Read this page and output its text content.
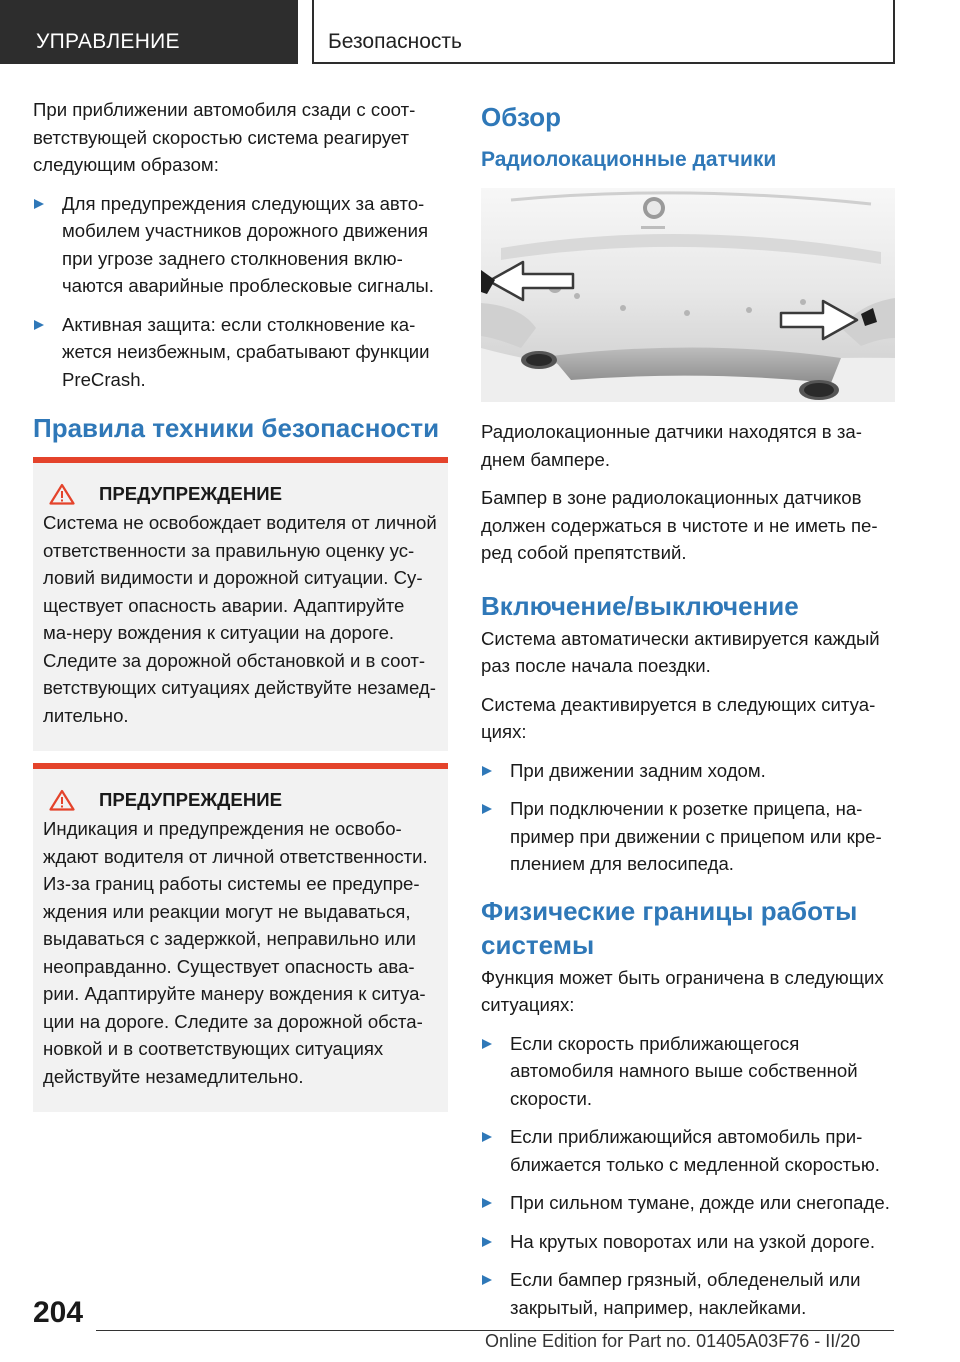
УПРАВЛЕНИЕ	Безопасность

При приближении автомобиля сзади с соот-ветствующей скоростью система реагирует следующим образом:

Для предупреждения следующих за авто-мобилем участников дорожного движения при угрозе заднего столкновения вклю-чаются аварийные проблесковые сигналы.
Активная защита: если столкновение ка-жется неизбежным, срабатывают функции PreCrash.
Правила техники безопасности
ПРЕДУПРЕЖДЕНИЕ

Система не освобождает водителя от личной ответственности за правильную оценку ус-ловий видимости и дорожной ситуации. Су-ществует опасность аварии. Адаптируйте ма-неру вождения к ситуации на дороге. Следите за дорожной обстановкой и в соот-ветствующих ситуациях действуйте незамед-лительно.

ПРЕДУПРЕЖДЕНИЕ

Индикация и предупреждения не освобо-ждают водителя от личной ответственности. Из-за границ работы системы ее предупре-ждения или реакции могут не выдаваться, выдаваться с задержкой, неправильно или неоправданно. Существует опасность ава-рии. Адаптируйте манеру вождения к ситуа-ции на дороге. Следите за дорожной обста-новкой и в соответствующих ситуациях действуйте незамедлительно.

Обзор
Радиолокационные датчики

Радиолокационные датчики находятся в за-днем бампере.

Бампер в зоне радиолокационных датчиков должен содержаться в чистоте и не иметь пе-ред собой препятствий.

Включение/выключение

Система автоматически активируется каждый раз после начала поездки.

Система деактивируется в следующих ситуа-циях:

При движении задним ходом.
При подключении к розетке прицепа, на-пример при движении с прицепом или кре-плением для велосипеда.
Физические границы работы системы

Функция может быть ограничена в следующих ситуациях:

Если скорость приближающегося автомобиля намного выше собственной скорости.
Если приближающийся автомобиль при-ближается только с медленной скоростью.
При сильном тумане, дожде или снегопаде.
На крутых поворотах или на узкой дороге.
Если бампер грязный, обледенелый или закрытый, например, наклейками.
204
Online Edition for Part no. 01405A03F76 - II/20
